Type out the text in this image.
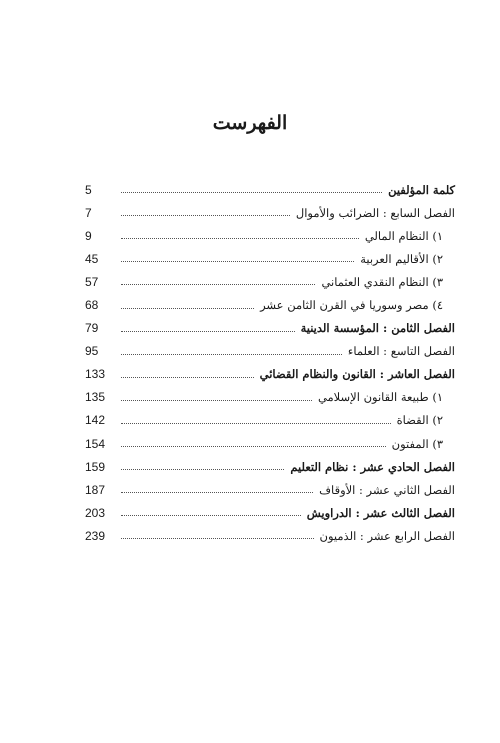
الفهرست
كلمة المؤلفين
5
الفصل السابع : الضرائب والأموال
7
١) النظام المالي
9
٢) الأقاليم العربية
45
٣) النظام النقدي العثماني
57
٤) مصر وسوريا في القرن الثامن عشر
68
الفصل الثامن : المؤسسة الدينية
79
الفصل التاسع : العلماء
95
الفصل العاشر : القانون والنظام القضائي
133
١) طبيعة القانون الإسلامي
135
٢) القضاة
142
٣) المفتون
154
الفصل الحادي عشر : نظام التعليم
159
الفصل الثاني عشر : الأوقاف
187
الفصل الثالث عشر : الدراويش
203
الفصل الرابع عشر : الذميون
239
